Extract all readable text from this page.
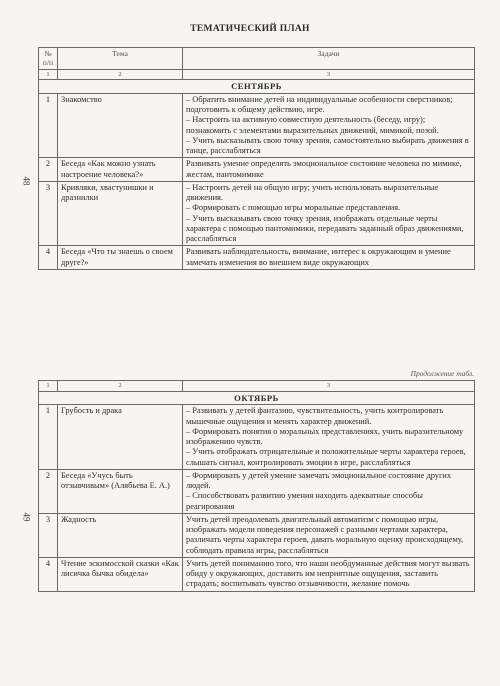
48
49
ТЕМАТИЧЕСКИЙ ПЛАН
№ п/п	Тема	Задачи
1	2	3
СЕНТЯБРЬ		
1	Знакомство	– Обратить внимание детей на индивидуальные особенности сверстников; подготовить к общему действию, игре.
– Настроить на активную совместную деятельность (беседу, игру); познакомить с элементами выразительных движений, мимикой, позой.
– Учить высказывать свою точку зрения, самостоятельно выбирать движения в танце, расслабляться

2	Беседа «Как можно узнать настроение человека?»	Развивать умение определять эмоциональное состояние человека по мимике, жестам, пантомимике

3	Кривляки, хвастунишки и дразнилки	– Настроить детей на общую игру; учить использовать выразительные движения.
– Формировать с помощью игры моральные представления.
– Учить высказывать свою точку зрения, изображать отдельные черты характера с помощью пантомимики, передавать заданный образ движениями, расслабляться

4	Беседа «Что ты знаешь о своем друге?»	Развивать наблюдательность, внимание, интерес к окружающим и умение замечать изменения во внешнем виде окружающих
Продолжение табл.
1	2	3
ОКТЯБРЬ		
1	Грубость и драка	– Развивать у детей фантазию, чувствительность, учить контролировать мышечные ощущения и менять характер движений.
– Формировать понятия о моральных представлениях, учить выразительному изображению чувств.
– Учить отображать отрицательные и положительные черты характера героев, слышать сигнал, контролировать эмоции в игре, расслабляться

2	Беседа «Учусь быть отзывчивым» (Алябьева Е. А.)	– Формировать у детей умение замечать эмоциональное состояние других людей.
– Способствовать развитию умения находить адекватные способы реагирования

3	Жадность	Учить детей преодолевать двигательный автоматизм с помощью игры, изображать модели поведения персонажей с разными чертами характера, различать черты характера героев, давать моральную оценку происходящему, соблюдать правила игры, расслабляться

4	Чтение эскимосской сказки «Как лисичка бычка обидела»	Учить детей пониманию того, что наши необдуманные действия могут вызвать обиду у окружающих, доставить им неприятные ощущения, заставить страдать; воспитывать чувство отзывчивости, желание помочь
